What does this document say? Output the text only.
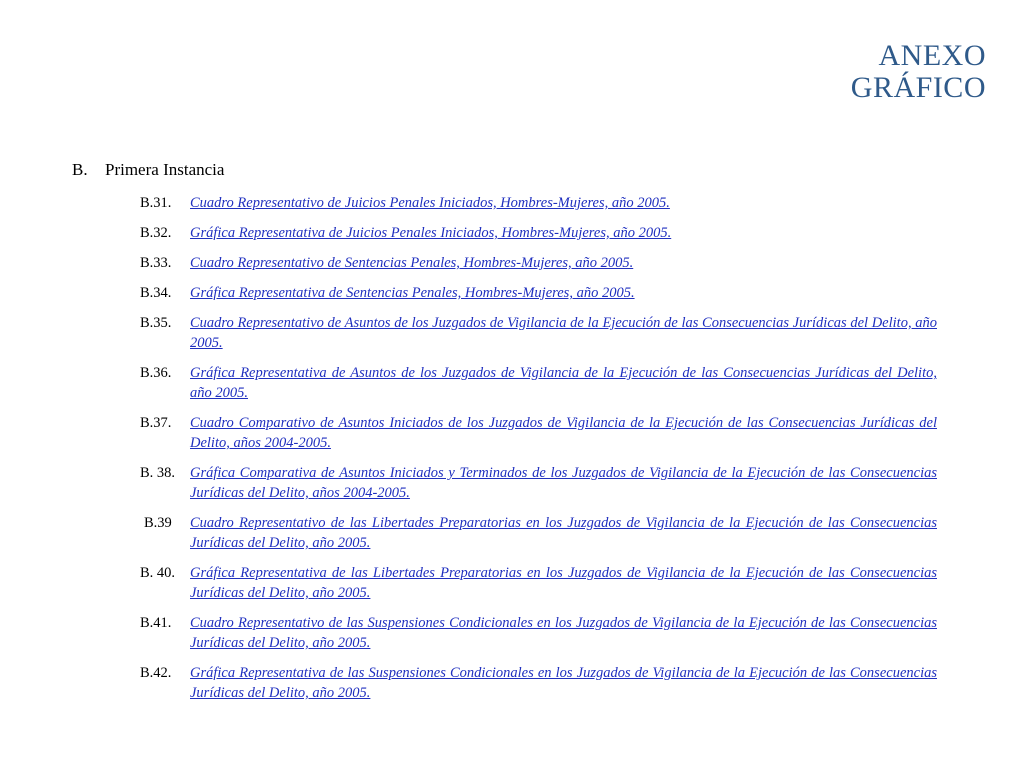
ANEXO
GRÁFICO
B.	Primera Instancia
B.31.	Cuadro Representativo de Juicios Penales Iniciados, Hombres-Mujeres, año 2005.
B.32.	Gráfica Representativa de Juicios Penales Iniciados, Hombres-Mujeres, año 2005.
B.33.	Cuadro Representativo de Sentencias Penales, Hombres-Mujeres, año 2005.
B.34.	Gráfica Representativa de Sentencias Penales, Hombres-Mujeres, año 2005.
B.35.	Cuadro Representativo de Asuntos de los Juzgados de Vigilancia de la Ejecución de las Consecuencias Jurídicas del Delito, año 2005.
B.36.	Gráfica Representativa de Asuntos de los Juzgados de Vigilancia de la Ejecución de las Consecuencias Jurídicas del Delito, año 2005.
B.37.	Cuadro Comparativo de Asuntos Iniciados de los Juzgados de Vigilancia de la Ejecución de las Consecuencias Jurídicas del Delito, años 2004-2005.
B. 38.	Gráfica Comparativa de Asuntos Iniciados y Terminados de los Juzgados de Vigilancia de la Ejecución de las Consecuencias Jurídicas del Delito, años 2004-2005.
B.39	Cuadro Representativo de las Libertades Preparatorias en los Juzgados de Vigilancia de la Ejecución de las Consecuencias Jurídicas del Delito, año 2005.
B. 40.	Gráfica Representativa de las Libertades Preparatorias en los Juzgados de Vigilancia de la Ejecución de las Consecuencias Jurídicas del Delito, año 2005.
B.41.	Cuadro Representativo de las Suspensiones Condicionales en los Juzgados de Vigilancia de la Ejecución de las Consecuencias Jurídicas del Delito, año 2005.
B.42.	Gráfica Representativa de las Suspensiones Condicionales en los Juzgados de Vigilancia de la Ejecución de las Consecuencias Jurídicas del Delito, año 2005.
